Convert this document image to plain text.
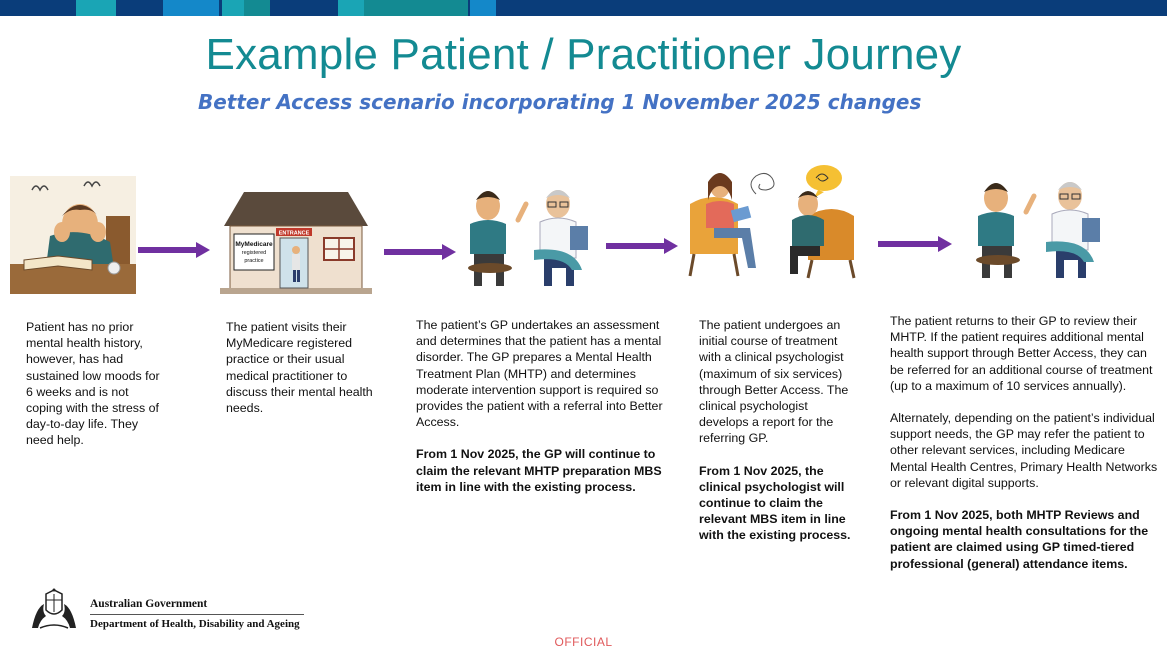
Example Patient / Practitioner Journey
Better Access scenario incorporating 1 November 2025 changes
MyMedicare
registered
practice
ENTRANCE

Patient has no prior mental health history, however, has had sustained low moods for 6 weeks and is not coping with the stress of day-to-day life. They need help.

The patient visits their MyMedicare registered practice or their usual medical practitioner to discuss their mental health needs.

The patient’s GP undertakes an assessment and determines that the patient has a mental disorder. The GP prepares a Mental Health Treatment Plan (MHTP) and determines moderate intervention support is required so provides the patient with a referral into Better Access.

From 1 Nov 2025, the GP will continue to claim the relevant MHTP preparation MBS item in line with the existing process.

The patient undergoes an initial course of treatment with a clinical psychologist (maximum of six services) through Better Access. The clinical psychologist develops a report for the referring GP.

From 1 Nov 2025, the clinical psychologist will continue to claim the relevant MBS item in line with the existing process.

The patient returns to their GP to review their MHTP. If the patient requires additional mental health support through Better Access, they can be referred for an additional course of treatment (up to a maximum of 10 services annually).

Alternately, depending on the patient’s individual support needs, the GP may refer the patient to other relevant services, including Medicare Mental Health Centres, Primary Health Networks or relevant digital supports.

From 1 Nov 2025, both MHTP Reviews and ongoing mental health consultations for the patient are claimed using GP timed-tiered professional (general) attendance items.

Australian Government
Department of Health, Disability and Ageing
OFFICIAL
